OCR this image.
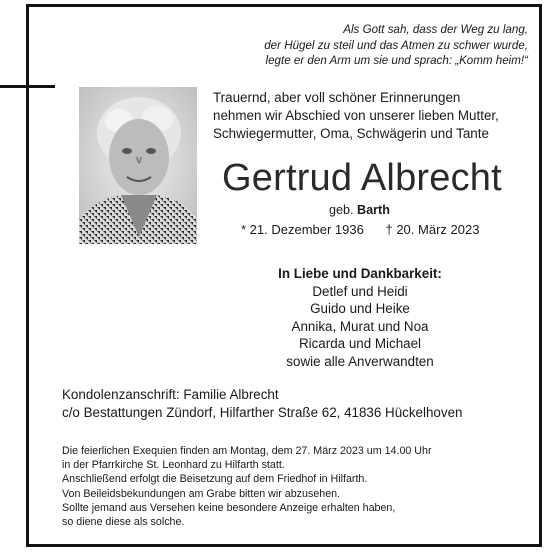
Als Gott sah, dass der Weg zu lang,
der Hügel zu steil und das Atmen zu schwer wurde,
legte er den Arm um sie und sprach: „Komm heim!“
Trauernd, aber voll schöner Erinnerungen
nehmen wir Abschied von unserer lieben Mutter,
Schwiegermutter, Oma, Schwägerin und Tante
Gertrud Albrecht
geb. Barth
* 21. Dezember 1936 † 20. März 2023
In Liebe und Dankbarkeit:
Detlef und Heidi
Guido und Heike
Annika, Murat und Noa
Ricarda und Michael
sowie alle Anverwandten
Kondolenzanschrift: Familie Albrecht
c/o Bestattungen Zündorf, Hilfarther Straße 62, 41836 Hückelhoven
Die feierlichen Exequien finden am Montag, dem 27. März 2023 um 14.00 Uhr
in der Pfarrkirche St. Leonhard zu Hilfarth statt.
Anschließend erfolgt die Beisetzung auf dem Friedhof in Hilfarth.
Von Beileidsbekundungen am Grabe bitten wir abzusehen.
Sollte jemand aus Versehen keine besondere Anzeige erhalten haben,
so diene diese als solche.
